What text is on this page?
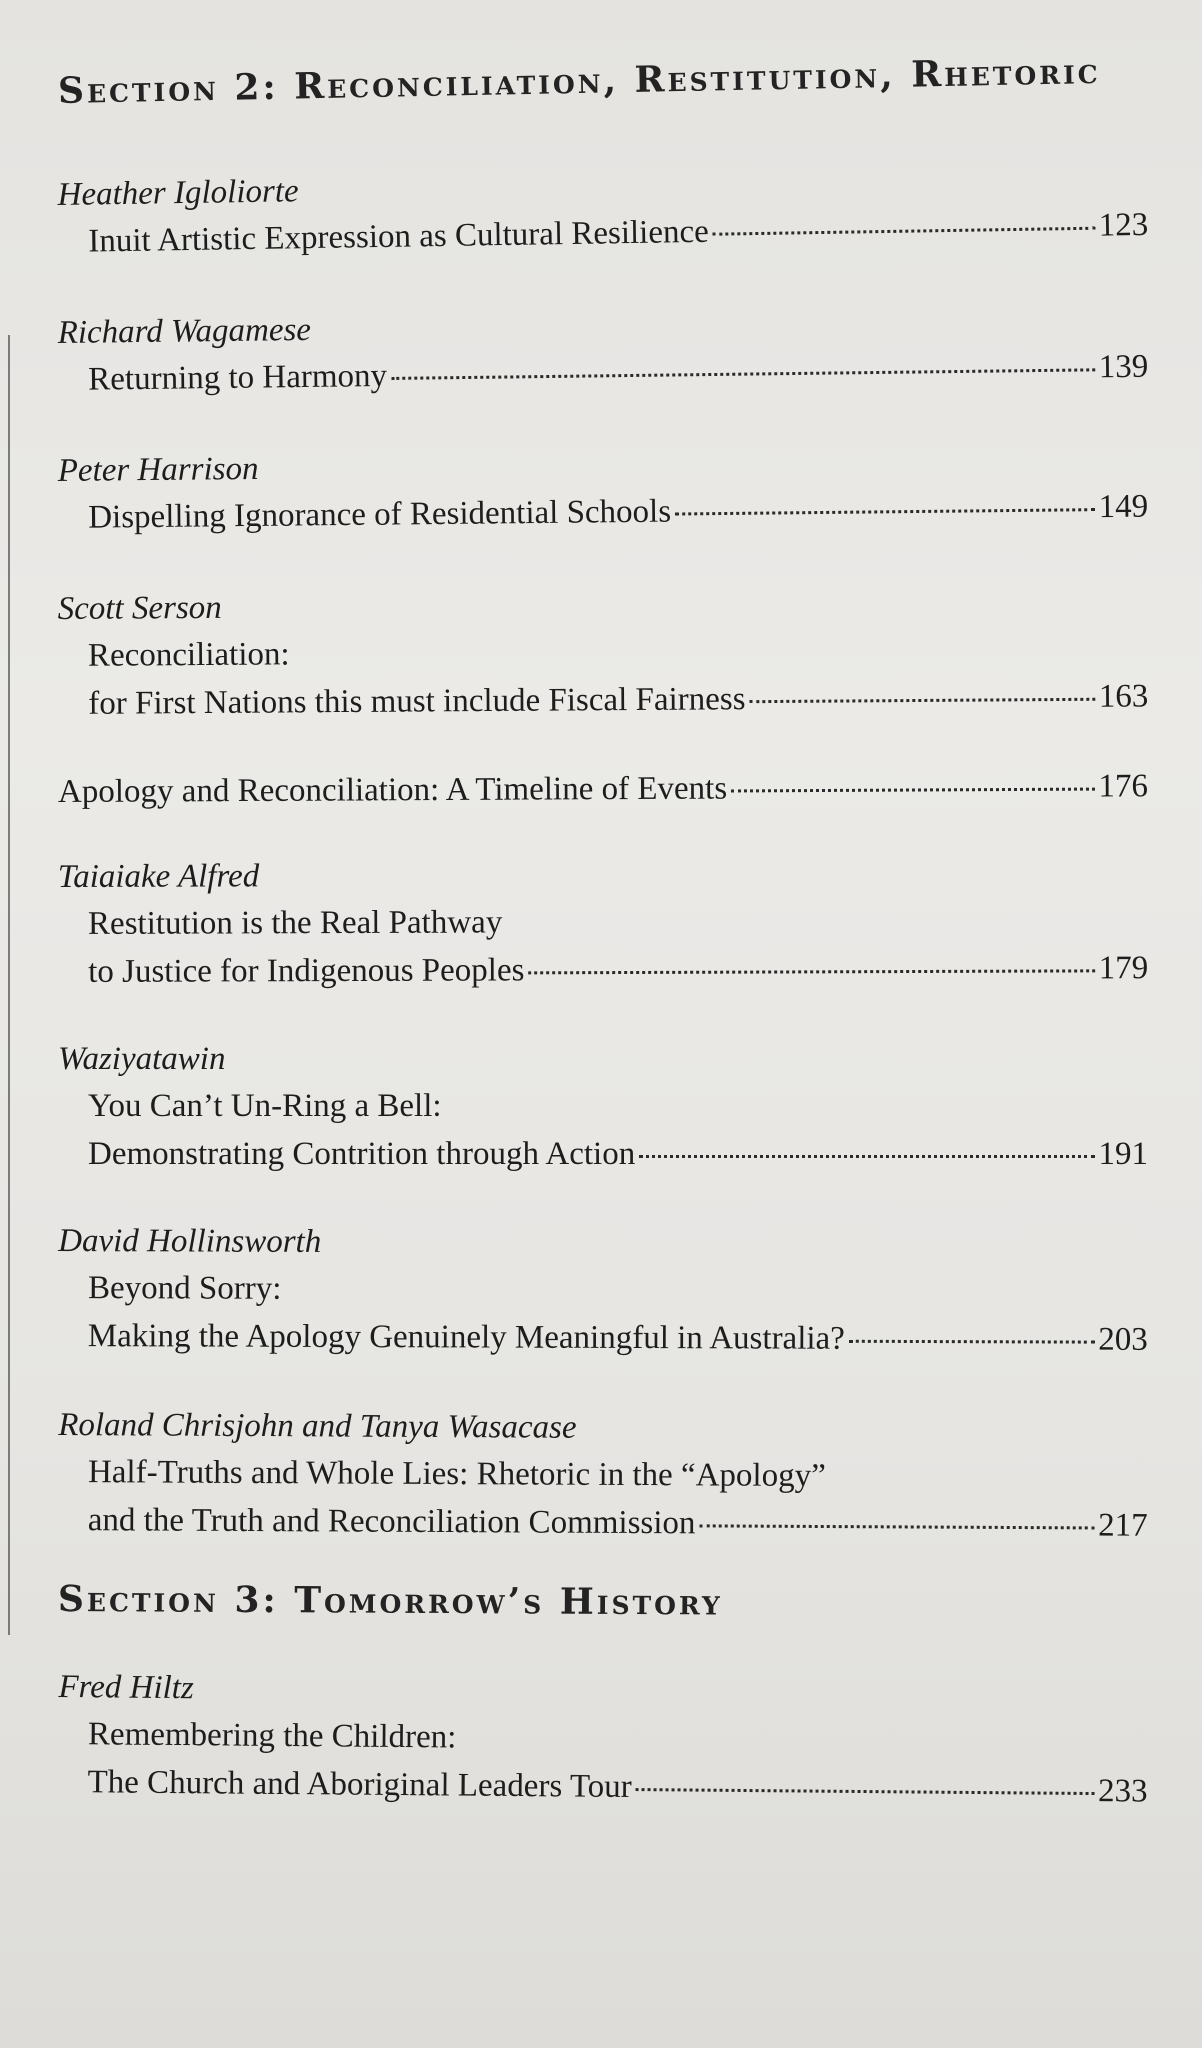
Section 2: Reconciliation, Restitution, Rhetoric
Heather Igloliorte
Inuit Artistic Expression as Cultural Resilience	123
Richard Wagamese
Returning to Harmony	139
Peter Harrison
Dispelling Ignorance of Residential Schools	149
Scott Serson
Reconciliation:
for First Nations this must include Fiscal Fairness	163
Apology and Reconciliation: A Timeline of Events	176
Taiaiake Alfred
Restitution is the Real Pathway
to Justice for Indigenous Peoples	179
Waziyatawin
You Can’t Un-Ring a Bell:
Demonstrating Contrition through Action	191
David Hollinsworth
Beyond Sorry:
Making the Apology Genuinely Meaningful in Australia?	203
Roland Chrisjohn and Tanya Wasacase
Half-Truths and Whole Lies: Rhetoric in the “Apology”
and the Truth and Reconciliation Commission	217
Section 3: Tomorrow’s History
Fred Hiltz
Remembering the Children:
The Church and Aboriginal Leaders Tour	233
